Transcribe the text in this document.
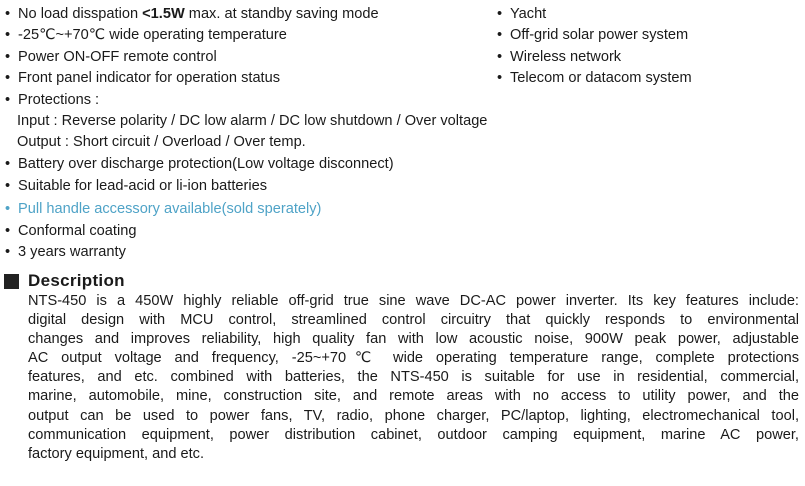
• No load disspation <1.5W max. at standby saving mode
• -25℃~+70℃ wide operating temperature
• Power ON-OFF remote control
• Front panel indicator for operation status
• Protections :
Input : Reverse polarity / DC low alarm / DC low shutdown / Over voltage
Output : Short circuit / Overload / Over temp.
• Battery over discharge protection(Low voltage disconnect)
• Suitable for lead-acid or li-ion batteries
• Pull handle accessory available(sold sperately)
• Conformal coating
• 3 years warranty
• Yacht
• Off-grid solar power system
• Wireless network
• Telecom or datacom system
Description
NTS-450 is a 450W highly reliable off-grid true sine wave DC-AC power inverter. Its key features include:
digital design with MCU control, streamlined control circuitry that quickly responds to environmental
changes and improves reliability, high quality fan with low acoustic noise, 900W peak power, adjustable
AC output voltage and frequency, -25~+70℃ wide operating temperature range, complete protections
features, and etc. combined with batteries, the NTS-450 is suitable for use in residential, commercial,
marine, automobile, mine, construction site, and remote areas with no access to utility power, and the
output can be used to power fans, TV, radio, phone charger, PC/laptop, lighting, electromechanical tool,
communication equipment, power distribution cabinet, outdoor camping equipment, marine AC power,
factory equipment, and etc.
